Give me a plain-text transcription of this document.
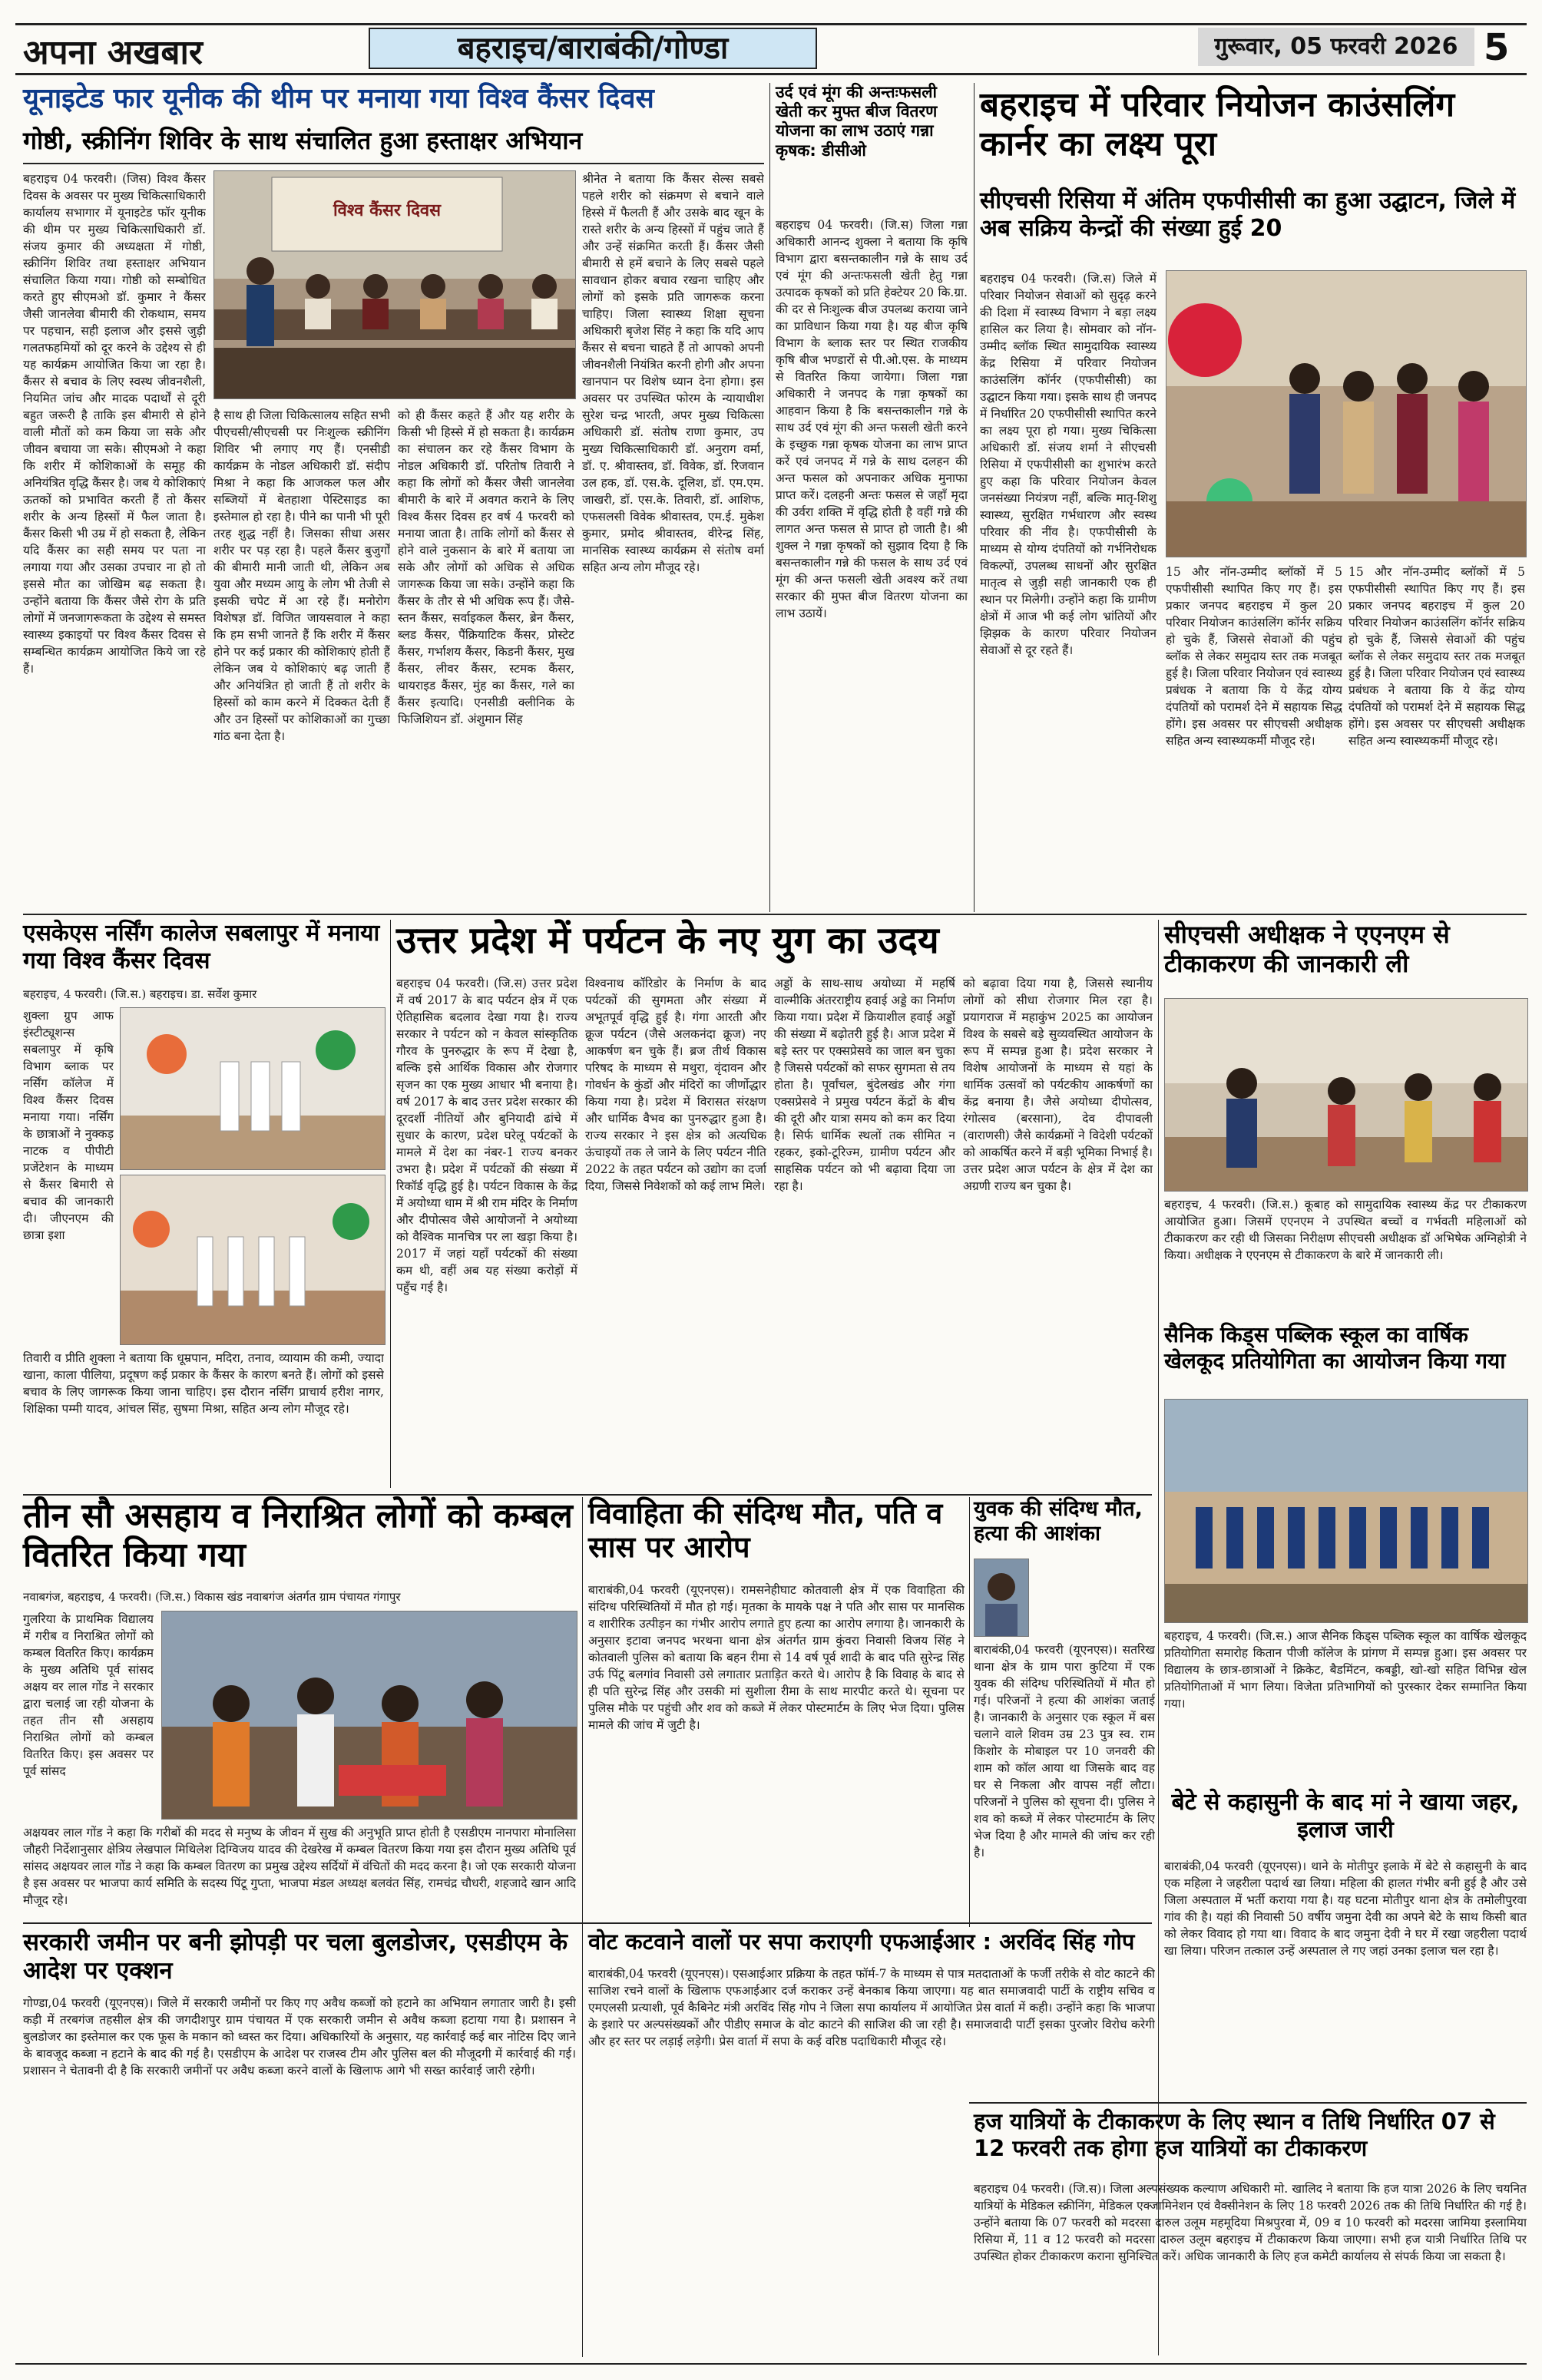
अपना अखबार	बहराइच/बाराबंकी/गोण्डा	गुरूवार, 05 फरवरी 2026 5
यूनाइटेड फार यूनीक की थीम पर मनाया गया विश्व कैंसर दिवस
गोष्ठी, स्क्रीनिंग शिविर के साथ संचालित हुआ हस्ताक्षर अभियान
बहराइच 04 फरवरी। (जिस) विश्व कैंसर दिवस के अवसर पर मुख्य चिकित्साधिकारी कार्यालय सभागार में यूनाइटेड फॉर यूनीक की थीम पर मुख्य चिकित्साधिकारी डॉ. संजय कुमार की अध्यक्षता में गोष्ठी, स्क्रीनिंग शिविर तथा हस्ताक्षर अभियान संचालित किया गया। गोष्ठी को सम्बोधित करते हुए सीएमओ डॉ. कुमार ने कैंसर जैसी जानलेवा बीमारी की रोकथाम, समय पर पहचान, सही इलाज और इससे जुड़ी गलतफहमियों को दूर करने के उद्देश्य से ही यह कार्यक्रम आयोजित किया जा रहा है। कैंसर से बचाव के लिए स्वस्थ जीवनशैली, नियमित जांच और मादक पदार्थों से दूरी बहुत जरूरी है ताकि इस बीमारी से होने वाली मौतों को कम किया जा सके और जीवन बचाया जा सके। सीएमओ ने कहा कि शरीर में कोशिकाओं के समूह की अनियंत्रित वृद्धि कैंसर है। जब ये कोशिकाएं ऊतकों को प्रभावित करती हैं तो कैंसर शरीर के अन्य हिस्सों में फैल जाता है। कैंसर किसी भी उम्र में हो सकता है, लेकिन यदि कैंसर का सही समय पर पता ना लगाया गया और उसका उपचार ना हो तो इससे मौत का जोखिम बढ़ सकता है। उन्होंने बताया कि कैंसर जैसे रोग के प्रति लोगों में जनजागरूकता के उद्देश्य से समस्त स्वास्थ्य इकाइयों पर विश्व कैंसर दिवस से सम्बन्धित कार्यक्रम आयोजित किये जा रहे हैं।
विश्व कैंसर दिवस
है साथ ही जिला चिकित्सालय सहित सभी पीएचसी/सीएचसी पर निःशुल्क स्क्रीनिंग शिविर भी लगाए गए हैं। एनसीडी कार्यक्रम के नोडल अधिकारी डॉ. संदीप मिश्रा ने कहा कि आजकल फल और सब्जियों में बेतहाशा पेस्टिसाइड का इस्तेमाल हो रहा है। पीने का पानी भी पूरी तरह शुद्ध नहीं है। जिसका सीधा असर शरीर पर पड़ रहा है। पहले कैंसर बुजुर्गों की बीमारी मानी जाती थी, लेकिन अब युवा और मध्यम आयु के लोग भी तेजी से इसकी चपेट में आ रहे हैं। मनोरोग विशेषज्ञ डॉ. विजित जायसवाल ने कहा कि हम सभी जानते हैं कि शरीर में कैंसर होने पर कई प्रकार की कोशिकाएं होती हैं लेकिन जब ये कोशिकाएं बढ़ जाती हैं और अनियंत्रित हो जाती हैं तो शरीर के हिस्सों को काम करने में दिक्कत देती हैं और उन हिस्सों पर कोशिकाओं का गुच्छा गांठ बना देता है।
को ही कैंसर कहते हैं और यह शरीर के किसी भी हिस्से में हो सकता है। कार्यक्रम का संचालन कर रहे कैंसर विभाग के नोडल अधिकारी डॉ. परितोष तिवारी ने कहा कि लोगों को कैंसर जैसी जानलेवा बीमारी के बारे में अवगत कराने के लिए विश्व कैंसर दिवस हर वर्ष 4 फरवरी को मनाया जाता है। ताकि लोगों को कैंसर से होने वाले नुकसान के बारे में बताया जा सके और लोगों को अधिक से अधिक जागरूक किया जा सके। उन्होंने कहा कि कैंसर के तौर से भी अधिक रूप हैं। जैसे- स्तन कैंसर, सर्वाइकल कैंसर, ब्रेन कैंसर, ब्लड कैंसर, पैंक्रियाटिक कैंसर, प्रोस्टेट कैंसर, गर्भाशय कैंसर, किडनी कैंसर, मुख कैंसर, लीवर कैंसर, स्टमक कैंसर, थायराइड कैंसर, मुंह का कैंसर, गले का कैंसर इत्यादि। एनसीडी क्लीनिक के फिजिशियन डॉ. अंशुमान सिंह
श्रीनेत ने बताया कि कैंसर सेल्स सबसे पहले शरीर को संक्रमण से बचाने वाले हिस्से में फैलती हैं और उसके बाद खून के रास्ते शरीर के अन्य हिस्सों में पहुंच जाते हैं और उन्हें संक्रमित करती हैं। कैंसर जैसी बीमारी से हमें बचाने के लिए सबसे पहले सावधान होकर बचाव रखना चाहिए और लोगों को इसके प्रति जागरूक करना चाहिए। जिला स्वास्थ्य शिक्षा सूचना अधिकारी बृजेश सिंह ने कहा कि यदि आप कैंसर से बचना चाहते हैं तो आपको अपनी जीवनशैली नियंत्रित करनी होगी और अपना खानपान पर विशेष ध्यान देना होगा। इस अवसर पर उपस्थित फोरम के न्यायाधीश सुरेश चन्द्र भारती, अपर मुख्य चिकित्सा अधिकारी डॉ. संतोष राणा कुमार, उप मुख्य चिकित्साधिकारी डॉ. अनुराग वर्मा, डॉ. ए. श्रीवास्तव, डॉ. विवेक, डॉ. रिजवान उल हक, डॉ. एस.के. दूलिश, डॉ. एम.एम. जाखरी, डॉ. एस.के. तिवारी, डॉ. आशिफ, एफसलसी विवेक श्रीवास्तव, एम.ई. मुकेश कुमार, प्रमोद श्रीवास्तव, वीरेन्द्र सिंह, मानसिक स्वास्थ्य कार्यक्रम से संतोष वर्मा सहित अन्य लोग मौजूद रहे।
उर्द एवं मूंग की अन्तःफसली खेती कर मुफ्त बीज वितरण योजना का लाभ उठाएं गन्ना कृषक: डीसीओ
बहराइच 04 फरवरी। (जि.स) जिला गन्ना अधिकारी आनन्द शुक्ला ने बताया कि कृषि विभाग द्वारा बसन्तकालीन गन्ने के साथ उर्द एवं मूंग की अन्तःफसली खेती हेतु गन्ना उत्पादक कृषकों को प्रति हेक्टेयर 20 कि.ग्रा. की दर से निःशुल्क बीज उपलब्ध कराया जाने का प्राविधान किया गया है। यह बीज कृषि विभाग के ब्लाक स्तर पर स्थित राजकीय कृषि बीज भण्डारों से पी.ओ.एस. के माध्यम से वितरित किया जायेगा। जिला गन्ना अधिकारी ने जनपद के गन्ना कृषकों का आहवान किया है कि बसन्तकालीन गन्ने के साथ उर्द एवं मूंग की अन्त फसली खेती करने के इच्छुक गन्ना कृषक योजना का लाभ प्राप्त करें एवं जनपद में गन्ने के साथ दलहन की अन्त फसल को अपनाकर अधिक मुनाफा प्राप्त करें। दलहनी अन्तः फसल से जहाँ मृदा की उर्वरा शक्ति में वृद्धि होती है वहीं गन्ने की लागत अन्त फसल से प्राप्त हो जाती है। श्री शुक्ल ने गन्ना कृषकों को सुझाव दिया है कि बसन्तकालीन गन्ने की फसल के साथ उर्द एवं मूंग की अन्त फसली खेती अवश्य करें तथा सरकार की मुफ्त बीज वितरण योजना का लाभ उठायें।
बहराइच में परिवार नियोजन काउंसलिंग कार्नर का लक्ष्य पूरा
सीएचसी रिसिया में अंतिम एफपीसीसी का हुआ उद्घाटन, जिले में अब सक्रिय केन्द्रों की संख्या हुई 20
बहराइच 04 फरवरी। (जि.स) जिले में परिवार नियोजन सेवाओं को सुदृढ़ करने की दिशा में स्वास्थ्य विभाग ने बड़ा लक्ष्य हासिल कर लिया है। सोमवार को नॉन-उम्मीद ब्लॉक स्थित सामुदायिक स्वास्थ्य केंद्र रिसिया में परिवार नियोजन काउंसलिंग कॉर्नर (एफपीसीसी) का उद्घाटन किया गया। इसके साथ ही जनपद में निर्धारित 20 एफपीसीसी स्थापित करने का लक्ष्य पूरा हो गया। मुख्य चिकित्सा अधिकारी डॉ. संजय शर्मा ने सीएचसी रिसिया में एफपीसीसी का शुभारंभ करते हुए कहा कि परिवार नियोजन केवल जनसंख्या नियंत्रण नहीं, बल्कि मातृ-शिशु स्वास्थ्य, सुरक्षित गर्भधारण और स्वस्थ परिवार की नींव है। एफपीसीसी के माध्यम से योग्य दंपतियों को गर्भनिरोधक विकल्पों, उपलब्ध साधनों और सुरक्षित मातृत्व से जुड़ी सही जानकारी एक ही स्थान पर मिलेगी। उन्होंने कहा कि ग्रामीण क्षेत्रों में आज भी कई लोग भ्रांतियों और झिझक के कारण परिवार नियोजन सेवाओं से दूर रहते हैं।
15 और नॉन-उम्मीद ब्लॉकों में 5 एफपीसीसी स्थापित किए गए हैं। इस प्रकार जनपद बहराइच में कुल 20 परिवार नियोजन काउंसलिंग कॉर्नर सक्रिय हो चुके हैं, जिससे सेवाओं की पहुंच ब्लॉक से लेकर समुदाय स्तर तक मजबूत हुई है। जिला परिवार नियोजन एवं स्वास्थ्य प्रबंधक ने बताया कि ये केंद्र योग्य दंपतियों को परामर्श देने में सहायक सिद्ध होंगे। इस अवसर पर सीएचसी अधीक्षक सहित अन्य स्वास्थ्यकर्मी मौजूद रहे।
15 और नॉन-उम्मीद ब्लॉकों में 5 एफपीसीसी स्थापित किए गए हैं। इस प्रकार जनपद बहराइच में कुल 20 परिवार नियोजन काउंसलिंग कॉर्नर सक्रिय हो चुके हैं, जिससे सेवाओं की पहुंच ब्लॉक से लेकर समुदाय स्तर तक मजबूत हुई है। जिला परिवार नियोजन एवं स्वास्थ्य प्रबंधक ने बताया कि ये केंद्र योग्य दंपतियों को परामर्श देने में सहायक सिद्ध होंगे। इस अवसर पर सीएचसी अधीक्षक सहित अन्य स्वास्थ्यकर्मी मौजूद रहे।
एसकेएस नर्सिंग कालेज सबलापुर में मनाया गया विश्व कैंसर दिवस
बहराइच, 4 फरवरी। (जि.स.) बहराइच। डा. सर्वेश कुमार
शुक्ला ग्रुप आफ इंस्टीट्यूशन्स सबलापुर में कृषि विभाग ब्लाक पर नर्सिंग कॉलेज में विश्व कैंसर दिवस मनाया गया। नर्सिंग के छात्राओं ने नुक्कड़ नाटक व पीपीटी प्रजेंटेशन के माध्यम से कैंसर बिमारी से बचाव की जानकारी दी। जीएनएम की छात्रा इशा
तिवारी व प्रीति शुक्ला ने बताया कि धूम्रपान, मदिरा, तनाव, व्यायाम की कमी, ज्यादा खाना, काला पीलिया, प्रदूषण कई प्रकार के कैंसर के कारण बनते हैं। लोगों को इससे बचाव के लिए जागरूक किया जाना चाहिए। इस दौरान नर्सिंग प्राचार्य हरीश नागर, शिक्षिका पम्मी यादव, आंचल सिंह, सुषमा मिश्रा, सहित अन्य लोग मौजूद रहे।
उत्तर प्रदेश में पर्यटन के नए युग का उदय
बहराइच 04 फरवरी। (जि.स) उत्तर प्रदेश में वर्ष 2017 के बाद पर्यटन क्षेत्र में एक ऐतिहासिक बदलाव देखा गया है। राज्य सरकार ने पर्यटन को न केवल सांस्कृतिक गौरव के पुनरुद्धार के रूप में देखा है, बल्कि इसे आर्थिक विकास और रोजगार सृजन का एक मुख्य आधार भी बनाया है। वर्ष 2017 के बाद उत्तर प्रदेश सरकार की दूरदर्शी नीतियों और बुनियादी ढांचे में सुधार के कारण, प्रदेश घरेलू पर्यटकों के मामले में देश का नंबर-1 राज्य बनकर उभरा है। प्रदेश में पर्यटकों की संख्या में रिकॉर्ड वृद्धि हुई है। पर्यटन विकास के केंद्र में अयोध्या धाम में श्री राम मंदिर के निर्माण और दीपोत्सव जैसे आयोजनों ने अयोध्या को वैश्विक मानचित्र पर ला खड़ा किया है। 2017 में जहां यहाँ पर्यटकों की संख्या कम थी, वहीं अब यह संख्या करोड़ों में पहुँच गई है।
विश्वनाथ कॉरिडोर के निर्माण के बाद पर्यटकों की सुगमता और संख्या में अभूतपूर्व वृद्धि हुई है। गंगा आरती और क्रूज पर्यटन (जैसे अलकनंदा क्रूज) नए आकर्षण बन चुके हैं। ब्रज तीर्थ विकास परिषद के माध्यम से मथुरा, वृंदावन और गोवर्धन के कुंडों और मंदिरों का जीर्णोद्धार किया गया है। प्रदेश में विरासत संरक्षण और धार्मिक वैभव का पुनरुद्धार हुआ है। राज्य सरकार ने इस क्षेत्र को अत्यधिक ऊंचाइयों तक ले जाने के लिए पर्यटन नीति 2022 के तहत पर्यटन को उद्योग का दर्जा दिया, जिससे निवेशकों को कई लाभ मिले।
अड्डों के साथ-साथ अयोध्या में महर्षि वाल्मीकि अंतरराष्ट्रीय हवाई अड्डे का निर्माण किया गया। प्रदेश में क्रियाशील हवाई अड्डों की संख्या में बढ़ोतरी हुई है। आज प्रदेश में बड़े स्तर पर एक्सप्रेसवे का जाल बन चुका है जिससे पर्यटकों को सफर सुगमता से तय होता है। पूर्वांचल, बुंदेलखंड और गंगा एक्सप्रेसवे ने प्रमुख पर्यटन केंद्रों के बीच की दूरी और यात्रा समय को कम कर दिया है। सिर्फ धार्मिक स्थलों तक सीमित न रहकर, इको-टूरिज्म, ग्रामीण पर्यटन और साहसिक पर्यटन को भी बढ़ावा दिया जा रहा है।
को बढ़ावा दिया गया है, जिससे स्थानीय लोगों को सीधा रोजगार मिल रहा है। प्रयागराज में महाकुंभ 2025 का आयोजन विश्व के सबसे बड़े सुव्यवस्थित आयोजन के रूप में सम्पन्न हुआ है। प्रदेश सरकार ने विशेष आयोजनों के माध्यम से यहां के धार्मिक उत्सवों को पर्यटकीय आकर्षणों का केंद्र बनाया है। जैसे अयोध्या दीपोत्सव, रंगोत्सव (बरसाना), देव दीपावली (वाराणसी) जैसे कार्यक्रमों ने विदेशी पर्यटकों को आकर्षित करने में बड़ी भूमिका निभाई है। उत्तर प्रदेश आज पर्यटन के क्षेत्र में देश का अग्रणी राज्य बन चुका है।
सीएचसी अधीक्षक ने एएनएम से टीकाकरण की जानकारी ली
बहराइच, 4 फरवरी। (जि.स.) कूबाह को सामुदायिक स्वास्थ्य केंद्र पर टीकाकरण आयोजित हुआ। जिसमें एएनएम ने उपस्थित बच्चों व गर्भवती महिलाओं को टीकाकरण कर रही थी जिसका निरीक्षण सीएचसी अधीक्षक डॉ अभिषेक अग्निहोत्री ने किया। अधीक्षक ने एएनएम से टीकाकरण के बारे में जानकारी ली।
सैनिक किड्स पब्लिक स्कूल का वार्षिक खेलकूद प्रतियोगिता का आयोजन किया गया
बहराइच, 4 फरवरी। (जि.स.) आज सैनिक किड्स पब्लिक स्कूल का वार्षिक खेलकूद प्रतियोगिता समारोह कितान पीजी कॉलेज के प्रांगण में सम्पन्न हुआ। इस अवसर पर विद्यालय के छात्र-छात्राओं ने क्रिकेट, बैडमिंटन, कबड्डी, खो-खो सहित विभिन्न खेल प्रतियोगिताओं में भाग लिया। विजेता प्रतिभागियों को पुरस्कार देकर सम्मानित किया गया।
तीन सौ असहाय व निराश्रित लोगों को कम्बल वितरित किया गया
नवाबगंज, बहराइच, 4 फरवरी। (जि.स.) विकास खंड नवाबगंज अंतर्गत ग्राम पंचायत गंगापुर
गुलरिया के प्राथमिक विद्यालय में गरीब व निराश्रित लोगों को कम्बल वितरित किए। कार्यक्रम के मुख्य अतिथि पूर्व सांसद अक्षय वर लाल गोंड ने सरकार द्वारा चलाई जा रही योजना के तहत तीन सौ असहाय निराश्रित लोगों को कम्बल वितरित किए। इस अवसर पर पूर्व सांसद
अक्षयवर लाल गोंड ने कहा कि गरीबों की मदद से मनुष्य के जीवन में सुख की अनुभूति प्राप्त होती है एसडीएम नानपारा मोनालिसा जौहरी निर्देशानुसार क्षेत्रिय लेखपाल मिथिलेश दिग्विजय यादव की देखरेख में कम्बल वितरण किया गया इस दौरान मुख्य अतिथि पूर्व सांसद अक्षयवर लाल गोंड ने कहा कि कम्बल वितरण का प्रमुख उद्देश्य सर्दियों में वंचितों की मदद करना है। जो एक सरकारी योजना है इस अवसर पर भाजपा कार्य समिति के सदस्य पिंटू गुप्ता, भाजपा मंडल अध्यक्ष बलवंत सिंह, रामचंद्र चौधरी, शहजादे खान आदि मौजूद रहे।
विवाहिता की संदिग्ध मौत, पति व सास पर आरोप
बाराबंकी,04 फरवरी (यूएनएस)। रामसनेहीघाट कोतवाली क्षेत्र में एक विवाहिता की संदिग्ध परिस्थितियों में मौत हो गई। मृतका के मायके पक्ष ने पति और सास पर मानसिक व शारीरिक उत्पीड़न का गंभीर आरोप लगाते हुए हत्या का आरोप लगाया है। जानकारी के अनुसार इटावा जनपद भरथना थाना क्षेत्र अंतर्गत ग्राम कुंवरा निवासी विजय सिंह ने कोतवाली पुलिस को बताया कि बहन रीमा से 14 वर्ष पूर्व शादी के बाद पति सुरेन्द्र सिंह उर्फ पिंटू बलगांव निवासी उसे लगातार प्रताड़ित करते थे। आरोप है कि विवाह के बाद से ही पति सुरेन्द्र सिंह और उसकी मां सुशीला रीमा के साथ मारपीट करते थे। सूचना पर पुलिस मौके पर पहुंची और शव को कब्जे में लेकर पोस्टमार्टम के लिए भेज दिया। पुलिस मामले की जांच में जुटी है।
युवक की संदिग्ध मौत, हत्या की आशंका
बाराबंकी,04 फरवरी (यूएनएस)। सतरिख थाना क्षेत्र के ग्राम पारा कुटिया में एक युवक की संदिग्ध परिस्थितियों में मौत हो गई। परिजनों ने हत्या की आशंका जताई है। जानकारी के अनुसार एक स्कूल में बस चलाने वाले शिवम उम्र 23 पुत्र स्व. राम किशोर के मोबाइल पर 10 जनवरी की शाम को कॉल आया था जिसके बाद वह घर से निकला और वापस नहीं लौटा। परिजनों ने पुलिस को सूचना दी। पुलिस ने शव को कब्जे में लेकर पोस्टमार्टम के लिए भेज दिया है और मामले की जांच कर रही है।
बेटे से कहासुनी के बाद मां ने खाया जहर, इलाज जारी
बाराबंकी,04 फरवरी (यूएनएस)। थाने के मोतीपुर इलाके में बेटे से कहासुनी के बाद एक महिला ने जहरीला पदार्थ खा लिया। महिला की हालत गंभीर बनी हुई है और उसे जिला अस्पताल में भर्ती कराया गया है। यह घटना मोतीपुर थाना क्षेत्र के तमोलीपुरवा गांव की है। यहां की निवासी 50 वर्षीय जमुना देवी का अपने बेटे के साथ किसी बात को लेकर विवाद हो गया था। विवाद के बाद जमुना देवी ने घर में रखा जहरीला पदार्थ खा लिया। परिजन तत्काल उन्हें अस्पताल ले गए जहां उनका इलाज चल रहा है।
सरकारी जमीन पर बनी झोपड़ी पर चला बुलडोजर, एसडीएम के आदेश पर एक्शन
गोण्डा,04 फरवरी (यूएनएस)। जिले में सरकारी जमीनों पर किए गए अवैध कब्जों को हटाने का अभियान लगातार जारी है। इसी कड़ी में तरबगंज तहसील क्षेत्र की जगदीशपुर ग्राम पंचायत में एक सरकारी जमीन से अवैध कब्जा हटाया गया है। प्रशासन ने बुलडोजर का इस्तेमाल कर एक फूस के मकान को ध्वस्त कर दिया। अधिकारियों के अनुसार, यह कार्रवाई कई बार नोटिस दिए जाने के बावजूद कब्जा न हटाने के बाद की गई है। एसडीएम के आदेश पर राजस्व टीम और पुलिस बल की मौजूदगी में कार्रवाई की गई। प्रशासन ने चेतावनी दी है कि सरकारी जमीनों पर अवैध कब्जा करने वालों के खिलाफ आगे भी सख्त कार्रवाई जारी रहेगी।
वोट कटवाने वालों पर सपा कराएगी एफआईआर : अरविंद सिंह गोप
बाराबंकी,04 फरवरी (यूएनएस)। एसआईआर प्रक्रिया के तहत फॉर्म-7 के माध्यम से पात्र मतदाताओं के फर्जी तरीके से वोट काटने की साजिश रचने वालों के खिलाफ एफआईआर दर्ज कराकर उन्हें बेनकाब किया जाएगा। यह बात समाजवादी पार्टी के राष्ट्रीय सचिव व एमएलसी प्रत्याशी, पूर्व कैबिनेट मंत्री अरविंद सिंह गोप ने जिला सपा कार्यालय में आयोजित प्रेस वार्ता में कही। उन्होंने कहा कि भाजपा के इशारे पर अल्पसंख्यकों और पीडीए समाज के वोट काटने की साजिश की जा रही है। समाजवादी पार्टी इसका पुरजोर विरोध करेगी और हर स्तर पर लड़ाई लड़ेगी। प्रेस वार्ता में सपा के कई वरिष्ठ पदाधिकारी मौजूद रहे।
हज यात्रियों के टीकाकरण के लिए स्थान व तिथि निर्धारित 07 से 12 फरवरी तक होगा हज यात्रियों का टीकाकरण
बहराइच 04 फरवरी। (जि.स)। जिला अल्पसंख्यक कल्याण अधिकारी मो. खालिद ने बताया कि हज यात्रा 2026 के लिए चयनित यात्रियों के मेडिकल स्क्रीनिंग, मेडिकल एक्जामिनेशन एवं वैक्सीनेशन के लिए 18 फरवरी 2026 तक की तिथि निर्धारित की गई है। उन्होंने बताया कि 07 फरवरी को मदरसा दारुल उलूम महमूदिया मिश्रपुरवा में, 09 व 10 फरवरी को मदरसा जामिया इस्लामिया रिसिया में, 11 व 12 फरवरी को मदरसा दारुल उलूम बहराइच में टीकाकरण किया जाएगा। सभी हज यात्री निर्धारित तिथि पर उपस्थित होकर टीकाकरण कराना सुनिश्चित करें। अधिक जानकारी के लिए हज कमेटी कार्यालय से संपर्क किया जा सकता है।
